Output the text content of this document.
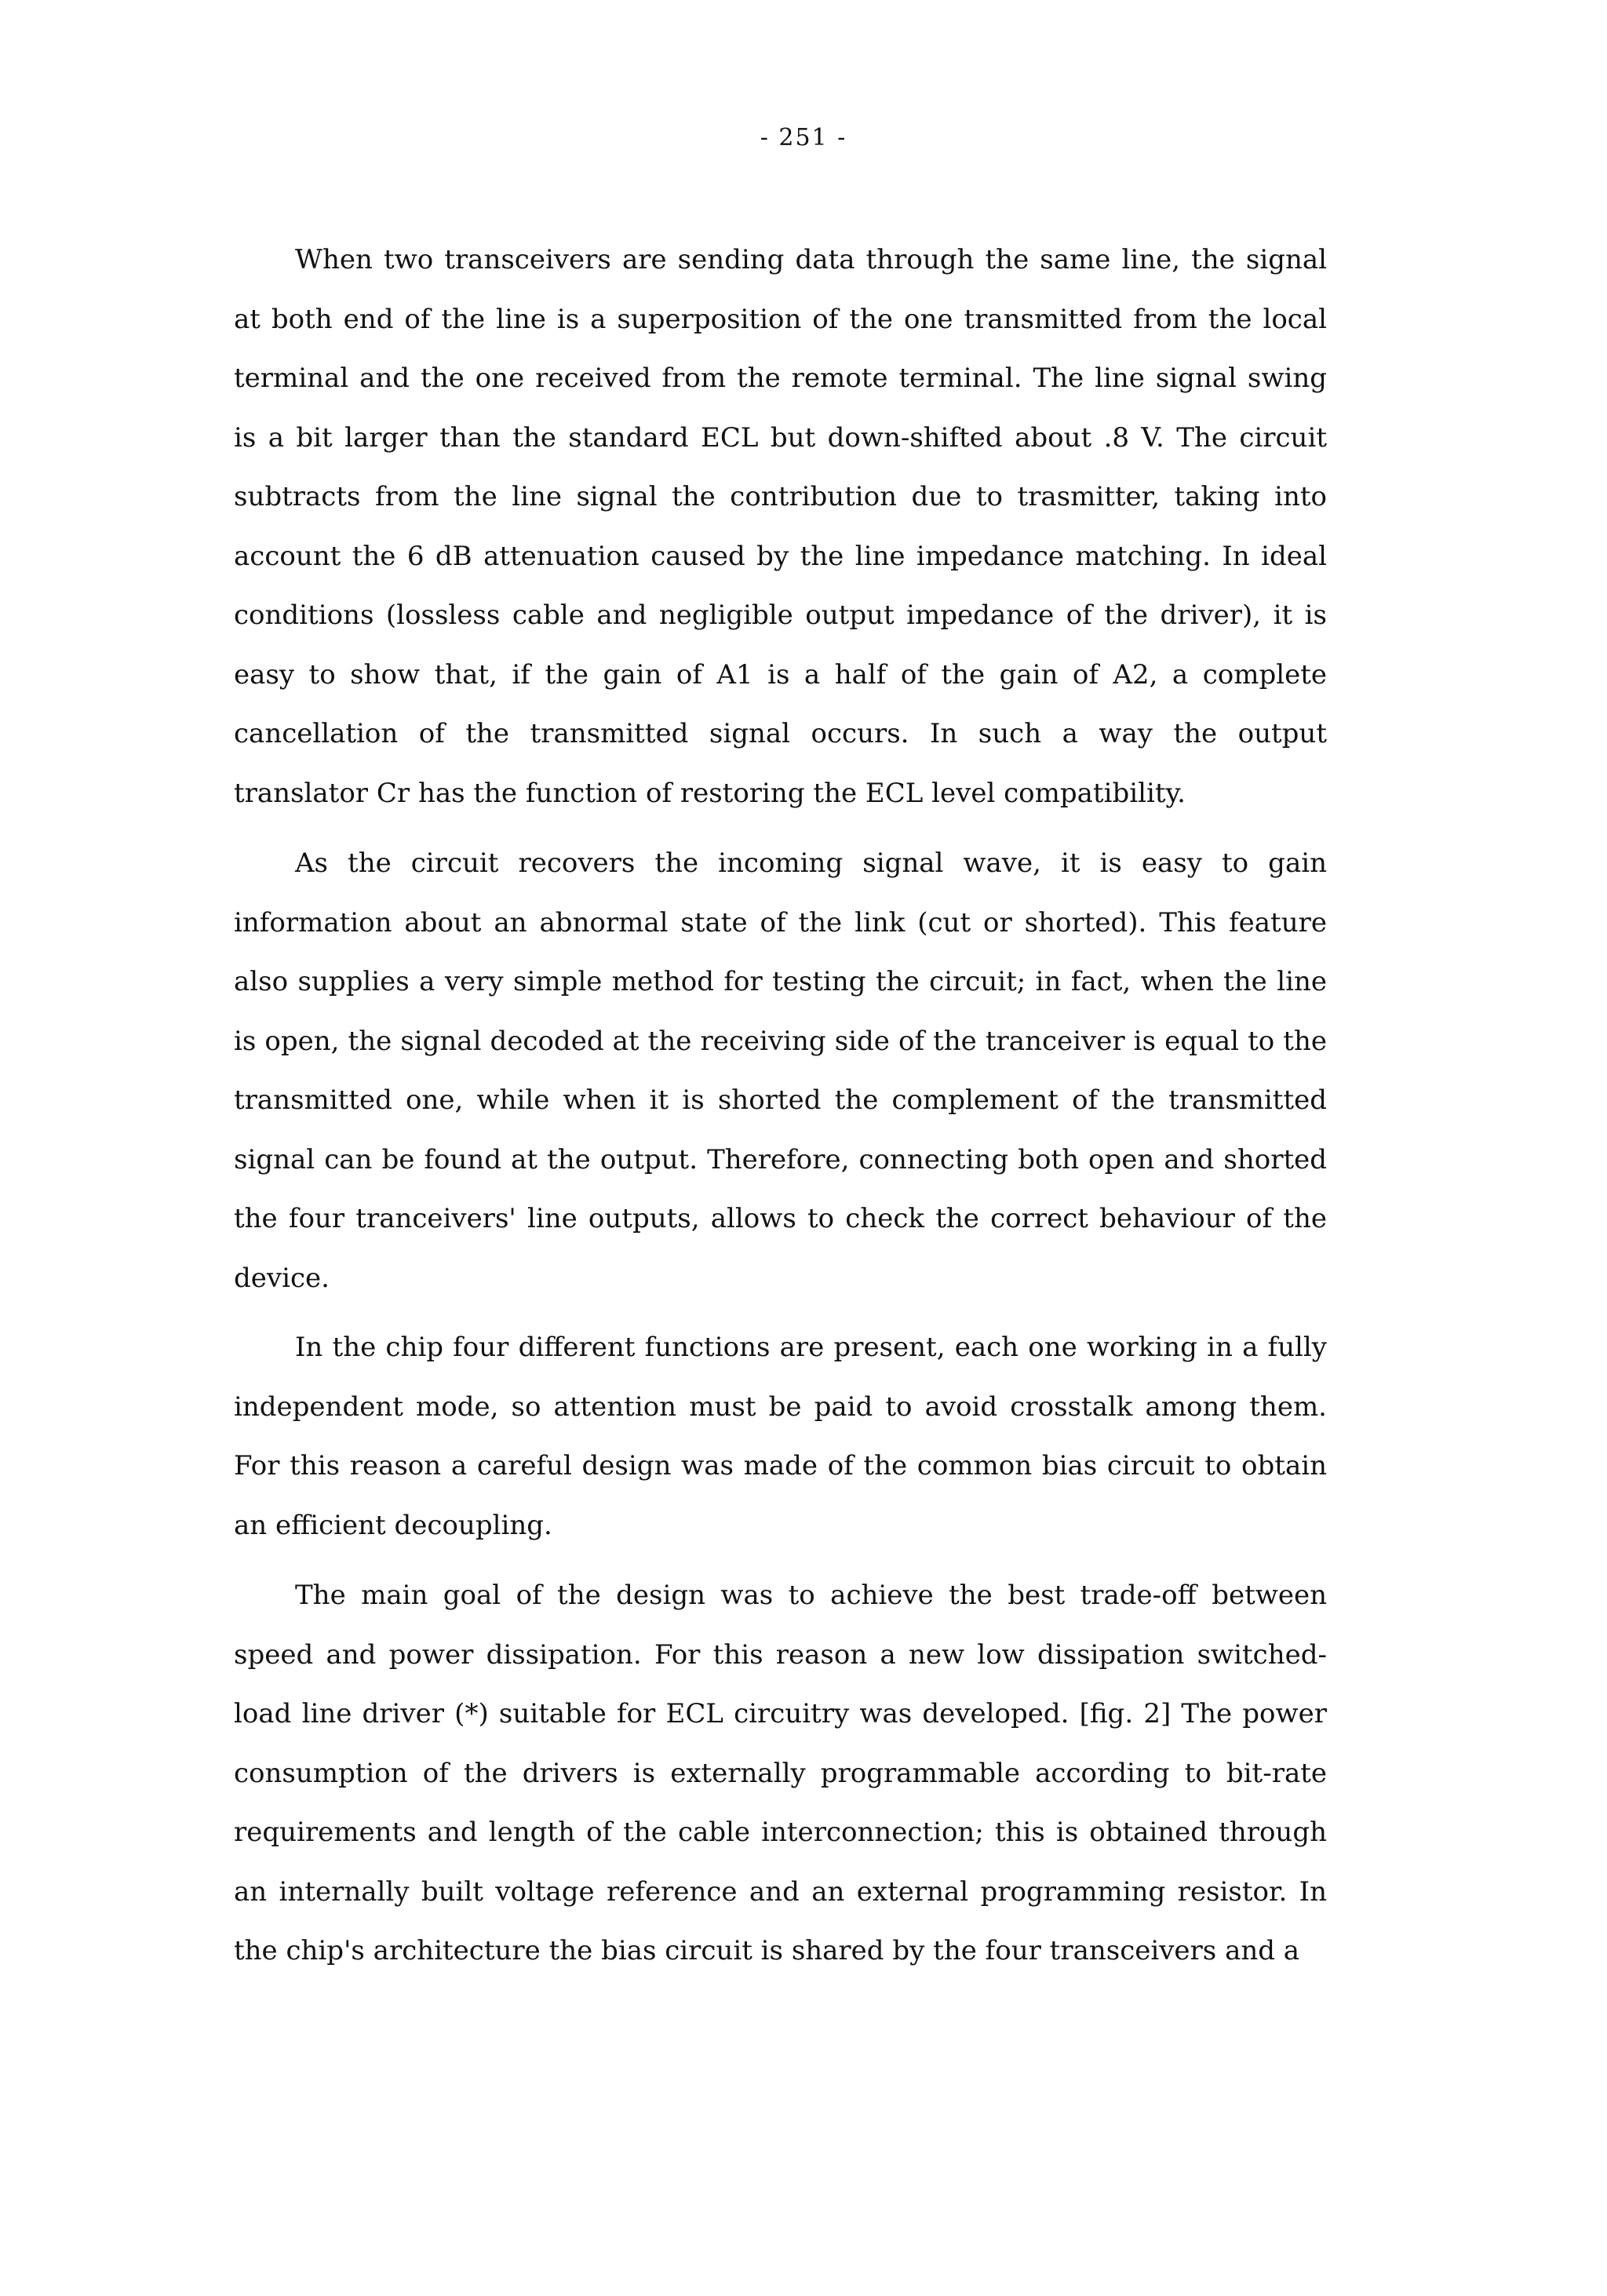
- 251 -

When two transceivers are sending data through the same line, the signal at both end of the line is a superposition of the one transmitted from the local terminal and the one received from the remote terminal. The line signal swing is a bit larger than the standard ECL but down-shifted about .8 V. The circuit subtracts from the line signal the contribution due to trasmitter, taking into account the 6 dB attenuation caused by the line impedance matching. In ideal conditions (lossless cable and negligible output impedance of the driver), it is easy to show that, if the gain of A1 is a half of the gain of A2, a complete cancellation of the transmitted signal occurs. In such a way the output translator Cr has the function of restoring the ECL level compatibility.

As the circuit recovers the incoming signal wave, it is easy to gain information about an abnormal state of the link (cut or shorted). This feature also supplies a very simple method for testing the circuit; in fact, when the line is open, the signal decoded at the receiving side of the tranceiver is equal to the transmitted one, while when it is shorted the complement of the transmitted signal can be found at the output. Therefore, connecting both open and shorted the four tranceivers' line outputs, allows to check the correct behaviour of the device.

In the chip four different functions are present, each one working in a fully independent mode, so attention must be paid to avoid crosstalk among them. For this reason a careful design was made of the common bias circuit to obtain an efficient decoupling.

The main goal of the design was to achieve the best trade-off between speed and power dissipation. For this reason a new low dissipation switched-load line driver (*) suitable for ECL circuitry was developed. [fig. 2] The power consumption of the drivers is externally programmable according to bit-rate requirements and length of the cable interconnection; this is obtained through an internally built voltage reference and an external programming resistor. In the chip's architecture the bias circuit is shared by the four transceivers and a
